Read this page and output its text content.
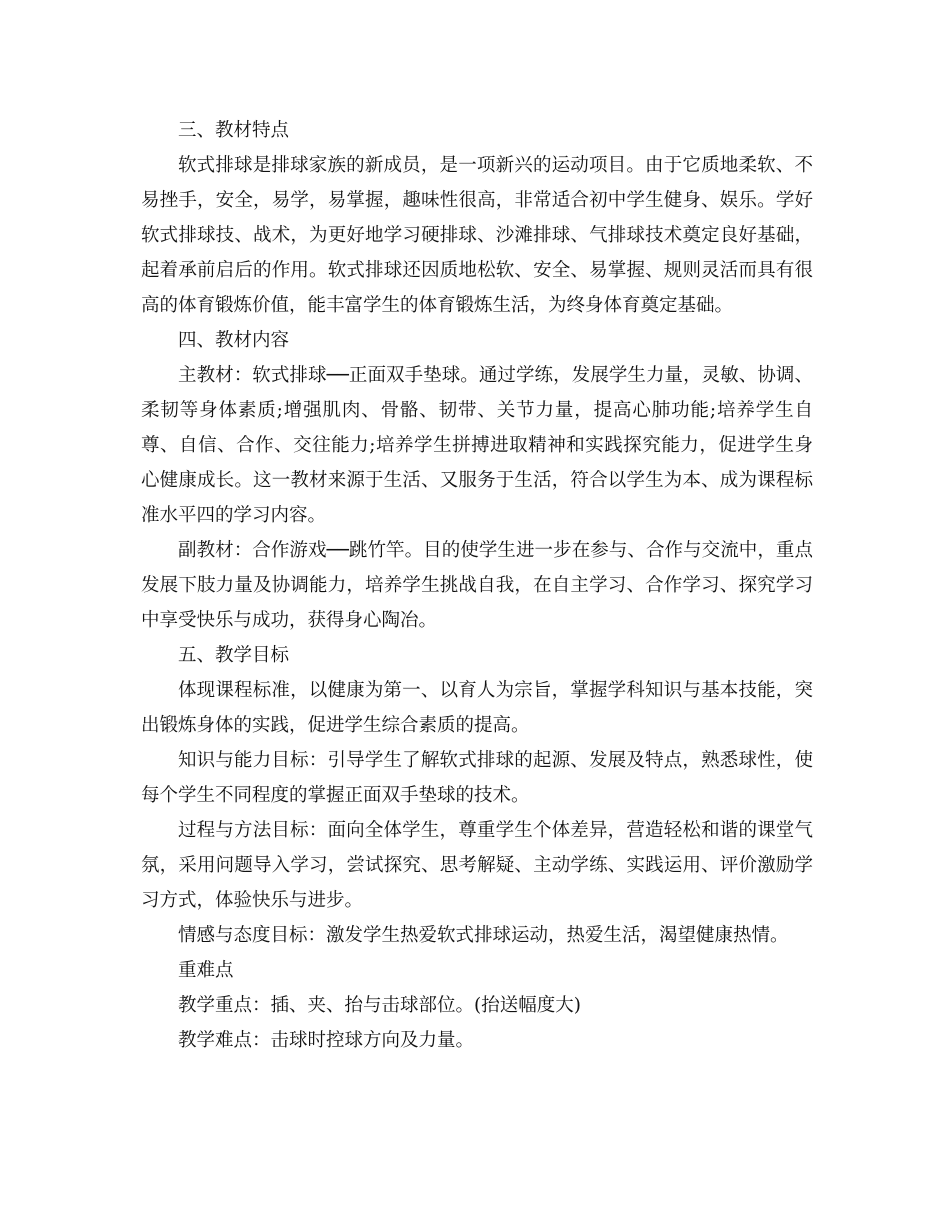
三、教材特点

软式排球是排球家族的新成员，是一项新兴的运动项目。由于它质地柔软、不易挫手，安全，易学，易掌握，趣味性很高，非常适合初中学生健身、娱乐。学好软式排球技、战术，为更好地学习硬排球、沙滩排球、气排球技术奠定良好基础，起着承前启后的作用。软式排球还因质地松软、安全、易掌握、规则灵活而具有很高的体育锻炼价值，能丰富学生的体育锻炼生活，为终身体育奠定基础。

四、教材内容

主教材：软式排球──正面双手垫球。通过学练，发展学生力量，灵敏、协调、柔韧等身体素质;增强肌肉、骨骼、韧带、关节力量，提高心肺功能;培养学生自尊、自信、合作、交往能力;培养学生拼搏进取精神和实践探究能力，促进学生身心健康成长。这一教材来源于生活、又服务于生活，符合以学生为本、成为课程标准水平四的学习内容。

副教材：合作游戏──跳竹竿。目的使学生进一步在参与、合作与交流中，重点发展下肢力量及协调能力，培养学生挑战自我，在自主学习、合作学习、探究学习中享受快乐与成功，获得身心陶冶。

五、教学目标

体现课程标准，以健康为第一、以育人为宗旨，掌握学科知识与基本技能，突出锻炼身体的实践，促进学生综合素质的提高。

知识与能力目标：引导学生了解软式排球的起源、发展及特点，熟悉球性，使每个学生不同程度的掌握正面双手垫球的技术。

过程与方法目标：面向全体学生，尊重学生个体差异，营造轻松和谐的课堂气氛，采用问题导入学习，尝试探究、思考解疑、主动学练、实践运用、评价激励学习方式，体验快乐与进步。

情感与态度目标：激发学生热爱软式排球运动，热爱生活，渴望健康热情。

重难点

教学重点：插、夹、抬与击球部位。(抬送幅度大)

教学难点：击球时控球方向及力量。
